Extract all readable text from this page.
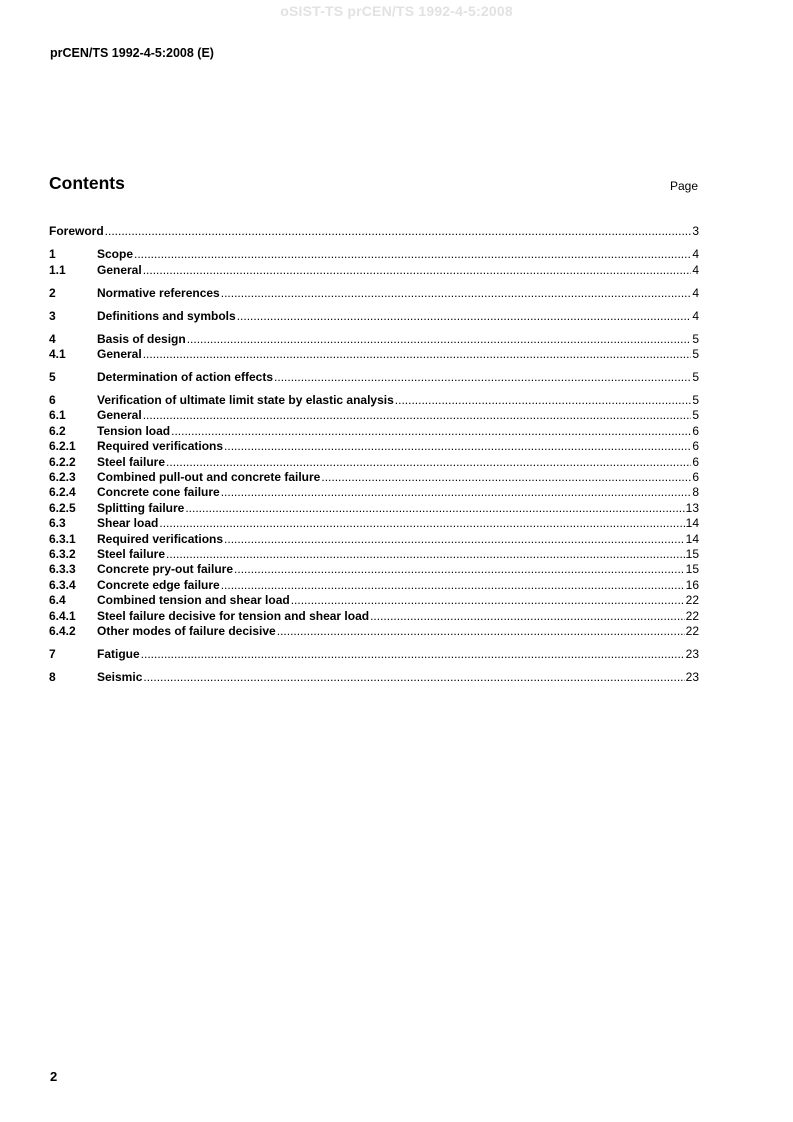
oSIST-TS prCEN/TS 1992-4-5:2008
prCEN/TS 1992-4-5:2008 (E)
Contents	Page
Foreword .....	3
1	Scope .....	4
1.1	General .....	4
2	Normative references .....	4
3	Definitions and symbols .....	4
4	Basis of design .....	5
4.1	General .....	5
5	Determination of action effects .....	5
6	Verification of ultimate limit state by elastic analysis .....	5
6.1	General .....	5
6.2	Tension load .....	6
6.2.1	Required verifications .....	6
6.2.2	Steel failure .....	6
6.2.3	Combined pull-out and concrete failure .....	6
6.2.4	Concrete cone failure .....	8
6.2.5	Splitting failure .....	13
6.3	Shear load .....	14
6.3.1	Required verifications .....	14
6.3.2	Steel failure .....	15
6.3.3	Concrete pry-out failure .....	15
6.3.4	Concrete edge failure .....	16
6.4	Combined tension and shear load .....	22
6.4.1	Steel failure decisive for tension and shear load .....	22
6.4.2	Other modes of failure decisive .....	22
7	Fatigue .....	23
8	Seismic .....	23
2
